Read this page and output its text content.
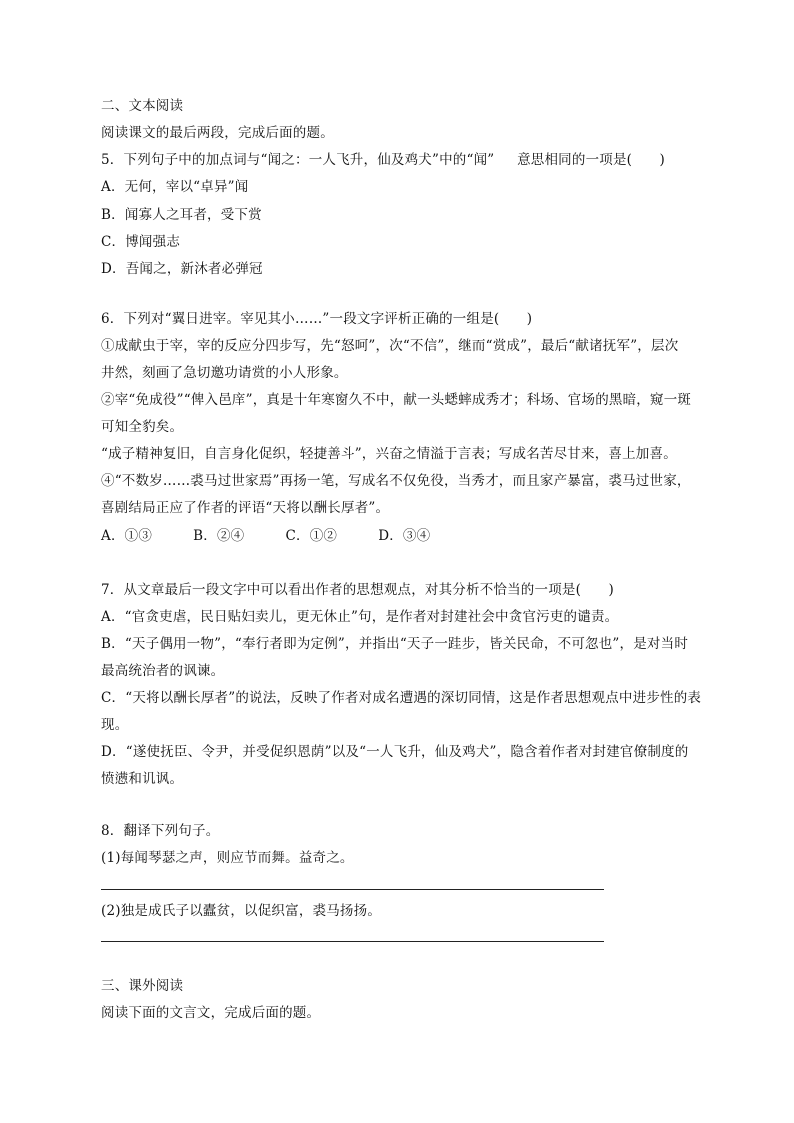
二、文本阅读
阅读课文的最后两段，完成后面的题。
5．下列句子中的加点词与“闻之：一人飞升，仙及鸡犬”中的“闻”　  意思相同的一项是(　　)
A．无何，宰以“卓异”闻
B．闻寡人之耳者，受下赏
C．博闻强志
D．吾闻之，新沐者必弹冠
6．下列对“翼日进宰。宰见其小……”一段文字评析正确的一组是(　　)
①成献虫于宰，宰的反应分四步写，先“怒呵”，次“不信”，继而“赏成”，最后“献诸抚军”，层次
井然，刻画了急切邀功请赏的小人形象。
②宰“免成役”“俾入邑庠”，真是十年寒窗久不中，献一头蟋蟀成秀才；科场、官场的黑暗，窥一斑
可知全豹矣。
“成子精神复旧，自言身化促织，轻捷善斗”，兴奋之情溢于言表；写成名苦尽甘来，喜上加喜。
④“不数岁……裘马过世家焉”再扬一笔，写成名不仅免役，当秀才，而且家产暴富，裘马过世家，
喜剧结局正应了作者的评语“天将以酬长厚者”。
A．①③　　　B．②④　　　C．①②　　　D．③④
7．从文章最后一段文字中可以看出作者的思想观点，对其分析不恰当的一项是(　　)
A．“官贪吏虐，民日贴妇卖儿，更无休止”句，是作者对封建社会中贪官污吏的谴责。
B．“天子偶用一物”，“奉行者即为定例”，并指出“天子一跬步，皆关民命，不可忽也”，是对当时
最高统治者的讽谏。
C．“天将以酬长厚者”的说法，反映了作者对成名遭遇的深切同情，这是作者思想观点中进步性的表
现。
D．“遂使抚臣、令尹，并受促织恩荫”以及“一人飞升，仙及鸡犬”，隐含着作者对封建官僚制度的
愤懑和讥讽。
8．翻译下列句子。
(1)每闻琴瑟之声，则应节而舞。益奇之。
(2)独是成氏子以蠹贫，以促织富，裘马扬扬。
三、课外阅读
阅读下面的文言文，完成后面的题。
